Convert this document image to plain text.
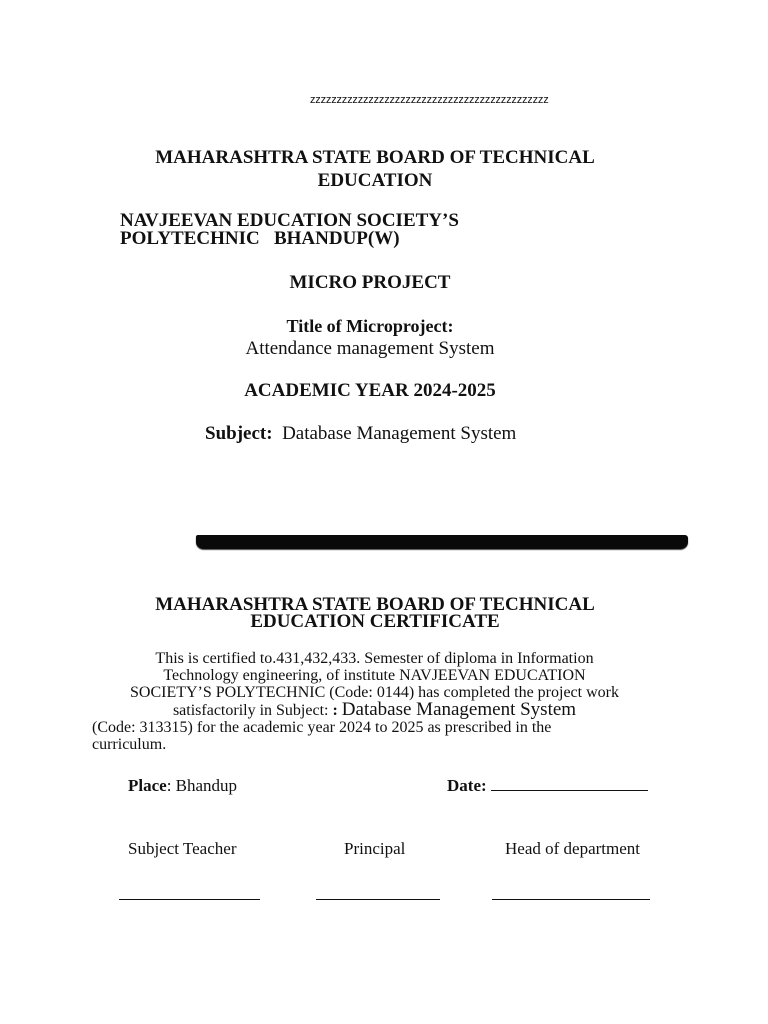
zzzzzzzzzzzzzzzzzzzzzzzzzzzzzzzzzzzzzzzzzzzzz
MAHARASHTRA STATE BOARD OF TECHNICAL EDUCATION
NAVJEEVAN EDUCATION SOCIETY’S
POLYTECHNIC   BHANDUP(W)
MICRO PROJECT
Title of Microproject:
Attendance management System
ACADEMIC YEAR 2024-2025
Subject: Database Management System
MAHARASHTRA STATE BOARD OF TECHNICAL
EDUCATION CERTIFICATE
This is certified to.431,432,433. Semester of diploma in Information
Technology engineering, of institute NAVJEEVAN EDUCATION
SOCIETY’S POLYTECHNIC (Code: 0144) has completed the project work
satisfactorily in Subject: : Database Management System
(Code: 313315) for the academic year 2024 to 2025 as prescribed in the
curriculum.
Place: Bhandup	Date:
Subject Teacher	Principal	Head of department
